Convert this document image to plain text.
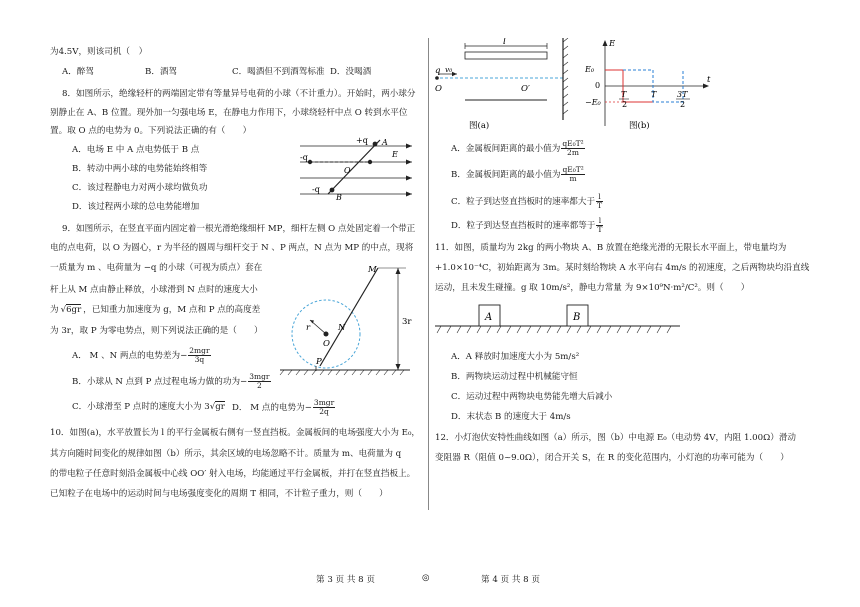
为4.5V，则该司机（　）
A．醉驾	B．酒驾	C．喝酒但不到酒驾标准 D．没喝酒
8．如图所示，绝缘轻杆的两端固定带有等量异号电荷的小球（不计重力）。开始时，两小球分
别静止在 A、B 位置。现外加一匀强电场 E，在静电力作用下，小球绕轻杆中点 O 转到水平位
置。取 O 点的电势为 0。下列说法正确的有（　　）
A．电场 E 中 A 点电势低于 B 点
B．转动中两小球的电势能始终相等
C．该过程静电力对两小球均做负功
D．该过程两小球的总电势能增加
+q A
-q
O
E
B
-q
9．如图所示，在竖直平面内固定着一根光滑绝缘细杆 MP，细杆左侧 O 点处固定着一个带正
电的点电荷，以 O 为圆心，r 为半径的圆周与细杆交于 N 、P 两点，N 点为 MP 的中点，现将
一质量为 m 、电荷量为 −q 的小球（可视为质点）套在
杆上从 M 点由静止释放，小球滑到 N 点时的速度大小
为 √6gr ，已知重力加速度为 g，M 点和 P 点的高度差
为 3r，取 P 为零电势点，则下列说法正确的是（　　）
A． M 、N 两点的电势差为− $\frac{\text{2mgr}}{3q}$
B．小球从 N 点到 P 点过程电场力做的功为− $\frac{\text{3mgr}}{2}$
C．小球滑至 P 点时的速度大小为 3√gr D． M 点的电势为− $\frac{\text{3mgr}}{2q}$
M
N
O
P
r
3r
10．如图(a)，水平放置长为 l 的平行金属板右侧有一竖直挡板。金属板间的电场强度大小为 E₀，
其方向随时间变化的规律如图（b）所示，其余区域的电场忽略不计。质量为 m、电荷量为 q
的带电粒子任意时刻沿金属板中心线 OO′ 射入电场，均能通过平行金属板，并打在竖直挡板上。
已知粒子在电场中的运动时间与电场强度变化的周期 T 相同，不计粒子重力，则（　　）
l
q v₀
O	O′
图(a)
E
E₀
0
−E₀
T
2
T	3T
2
t
图(b)
A．金属板间距离的最小值为 $\frac{\text{qE₀T²}}{2m}$
B．金属板间距离的最小值为 $\frac{\text{qE₀T²}}{m}$
C．粒子到达竖直挡板时的速率都大于 $\frac{l}{T}$
D．粒子到达竖直挡板时的速率都等于 $\frac{l}{T}$
11．如图，质量均为 2kg 的两小物块 A、B 放置在绝缘光滑的无限长水平面上，带电量均为
+1.0×10⁻⁴C，初始距离为 3m。某时刻给物块 A 水平向右 4m/s 的初速度，之后两物块均沿直线
运动，且未发生碰撞。g 取 10m/s²，静电力常量 为 9×10⁹N·m²/C²。则（　　）
A	B
A．A 释放时加速度大小为 5m/s²
B．两物块运动过程中机械能守恒
C．运动过程中两物块电势能先增大后减小
D．末状态 B 的速度大于 4m/s
12．小灯泡伏安特性曲线如图（a）所示，图（b）中电源 E₀（电动势 4V，内阻 1.00Ω）滑动
变阻器 R（阻值 0~9.0Ω），闭合开关 S，在 R 的变化范围内，小灯泡的功率可能为（　　）
第 3 页 共 8 页	◎	第 4 页 共 8 页
